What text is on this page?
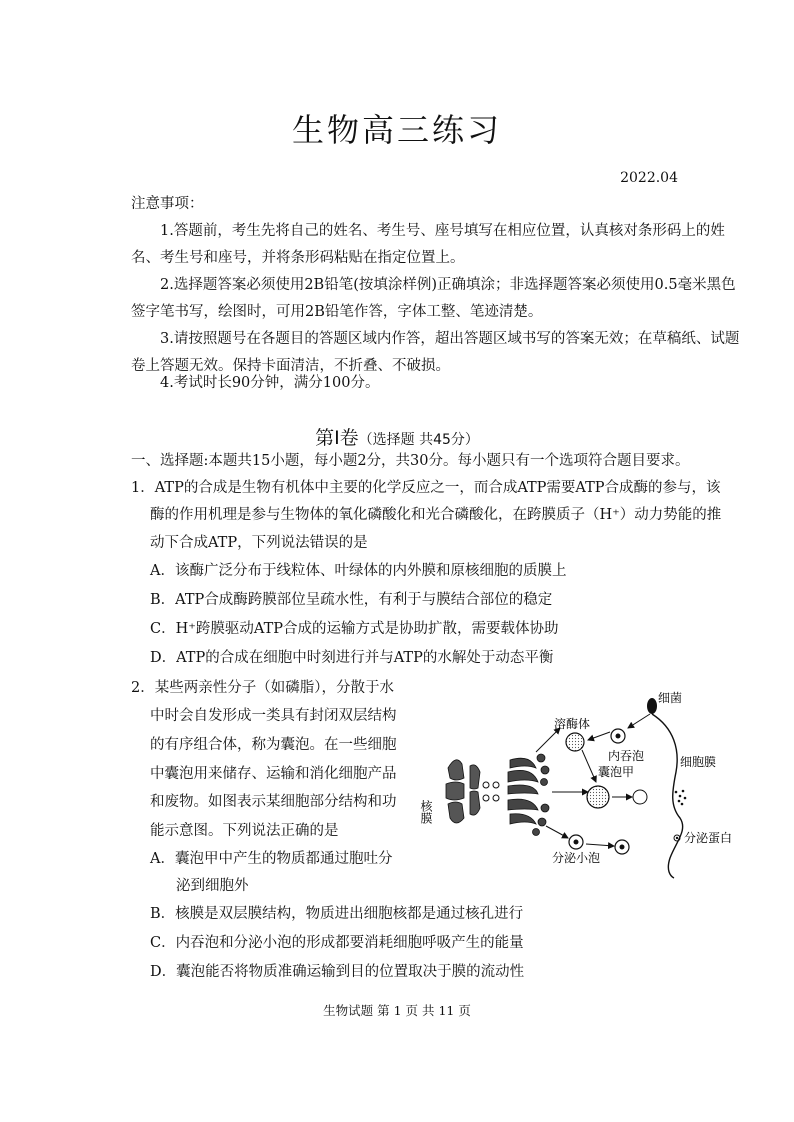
生物高三练习
2022.04
注意事项：
1.答题前，考生先将自己的姓名、考生号、座号填写在相应位置，认真核对条形码上的姓名、考生号和座号，并将条形码粘贴在指定位置上。
2.选择题答案必须使用2B铅笔(按填涂样例)正确填涂；非选择题答案必须使用0.5毫米黑色签字笔书写，绘图时，可用2B铅笔作答，字体工整、笔迹清楚。
3.请按照题号在各题目的答题区域内作答，超出答题区域书写的答案无效；在草稿纸、试题卷上答题无效。保持卡面清洁，不折叠、不破损。
4.考试时长90分钟，满分100分。
第Ⅰ卷（选择题 共45分）
一、选择题:本题共15小题，每小题2分，共30分。每小题只有一个选项符合题目要求。
1．ATP的合成是生物有机体中主要的化学反应之一，而合成ATP需要ATP合成酶的参与，该
酶的作用机理是参与生物体的氧化磷酸化和光合磷酸化，在跨膜质子（H⁺）动力势能的推
动下合成ATP，下列说法错误的是
A．该酶广泛分布于线粒体、叶绿体的内外膜和原核细胞的质膜上
B．ATP合成酶跨膜部位呈疏水性，有利于与膜结合部位的稳定
C．H⁺跨膜驱动ATP合成的运输方式是协助扩散，需要载体协助
D．ATP的合成在细胞中时刻进行并与ATP的水解处于动态平衡
2．某些两亲性分子（如磷脂），分散于水
中时会自发形成一类具有封闭双层结构
的有序组合体，称为囊泡。在一些细胞
中囊泡用来储存、运输和消化细胞产品
和废物。如图表示某细胞部分结构和功
能示意图。下列说法正确的是
A．囊泡甲中产生的物质都通过胞吐分
泌到细胞外
B．核膜是双层膜结构，物质进出细胞核都是通过核孔进行
C．内吞泡和分泌小泡的形成都要消耗细胞呼吸产生的能量
D．囊泡能否将物质准确运输到目的位置取决于膜的流动性
核膜
溶酶体
内吞泡
细菌
囊泡甲
分泌小泡
细胞膜
分泌蛋白
生物试题 第 1 页 共 11 页
